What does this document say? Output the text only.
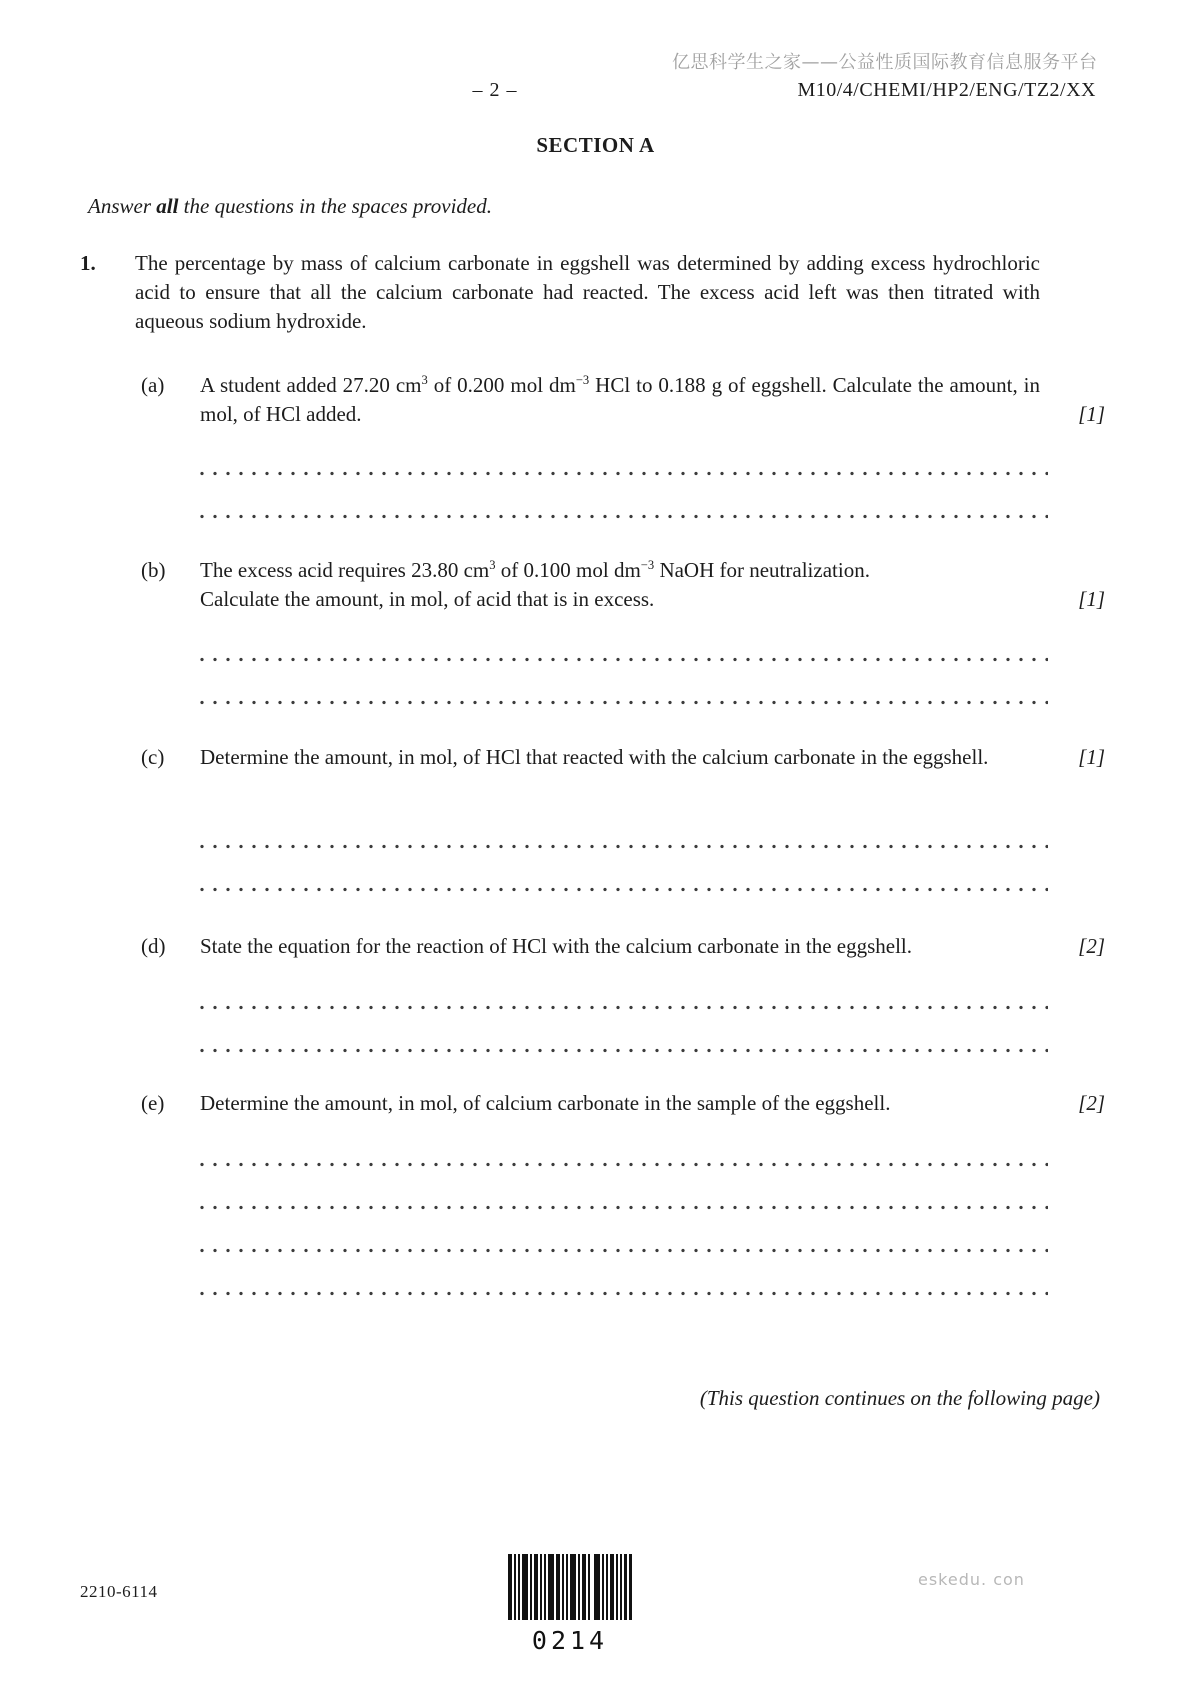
亿思科学生之家——公益性质国际教育信息服务平台
– 2 –	M10/4/CHEMI/HP2/ENG/TZ2/XX
SECTION A
Answer all the questions in the spaces provided.
1. The percentage by mass of calcium carbonate in eggshell was determined by adding excess hydrochloric acid to ensure that all the calcium carbonate had reacted. The excess acid left was then titrated with aqueous sodium hydroxide.
(a)	A student added 27.20 $cm^3$ of 0.200 mol $dm^{-3}$ HCl to 0.188 g of eggshell. Calculate the amount, in mol, of HCl added.	[1]
(b)	The excess acid requires 23.80 $cm^3$ of 0.100 mol $dm^{-3}$ NaOH for neutralization.
Calculate the amount, in mol, of acid that is in excess.	[1]
(c)	Determine the amount, in mol, of HCl that reacted with the calcium carbonate in the eggshell.	[1]
(d)	State the equation for the reaction of HCl with the calcium carbonate in the eggshell.	[2]
(e)	Determine the amount, in mol, of calcium carbonate in the sample of the eggshell.	[2]
(This question continues on the following page)
2210-6114
0214
eskedu. con
